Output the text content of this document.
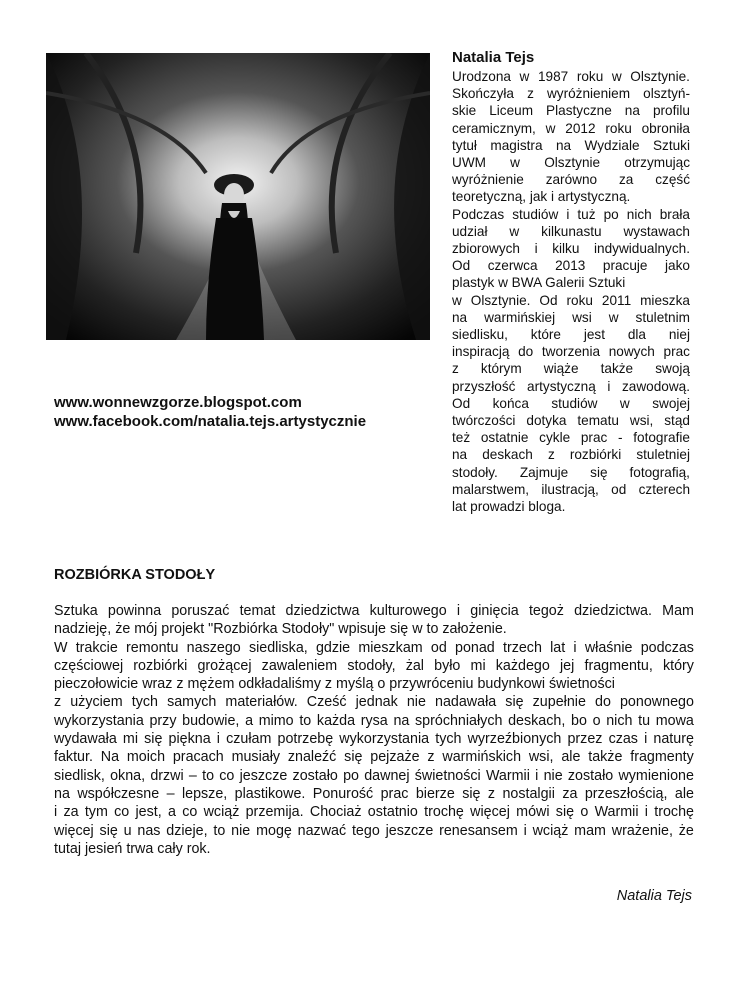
www.wonnewzgorze.blogspot.com
www.facebook.com/natalia.tejs.artystycznie
Natalia Tejs
Urodzona w 1987 roku w Olsztynie.
Skończyła z wyróżnieniem olsztyń-
skie Liceum Plastyczne na profilu
ceramicznym, w 2012 roku obroniła
tytuł magistra na Wydziale Sztuki
UWM w Olsztynie otrzymując
wyróżnienie zarówno za część
teoretyczną, jak i artystyczną.
Podczas studiów i tuż po nich brała
udział w kilkunastu wystawach
zbiorowych i kilku indywidualnych.
Od czerwca 2013 pracuje jako
plastyk w BWA Galerii Sztuki
w Olsztynie. Od roku 2011 mieszka
na warmińskiej wsi w stuletnim
siedlisku, które jest dla niej
inspiracją do tworzenia nowych prac
z którym wiąże także swoją
przyszłość artystyczną i zawodową.
Od końca studiów w swojej
twórczości dotyka tematu wsi, stąd
też ostatnie cykle prac - fotografie
na deskach z rozbiórki stuletniej
stodoły. Zajmuje się fotografią,
malarstwem, ilustracją, od czterech
lat prowadzi bloga.
ROZBIÓRKA STODOŁY
Sztuka powinna poruszać temat dziedzictwa kulturowego i ginięcia tegoż dziedzictwa. Mam
nadzieję, że mój projekt "Rozbiórka Stodoły" wpisuje się w to założenie.
W trakcie remontu naszego siedliska, gdzie mieszkam od ponad trzech lat i właśnie podczas
częściowej rozbiórki grożącej zawaleniem stodoły, żal było mi każdego jej fragmentu, który
pieczołowicie wraz z mężem odkładaliśmy z myślą o przywróceniu budynkowi świetności
z użyciem tych samych materiałów. Cześć jednak nie nadawała się zupełnie do ponownego
wykorzystania przy budowie, a mimo to każda rysa na spróchniałych deskach, bo o nich tu mowa
wydawała mi się piękna i czułam potrzebę wykorzystania tych wyrzeźbionych przez czas i naturę
faktur. Na moich pracach musiały znaleźć się pejzaże z warmińskich wsi, ale także fragmenty
siedlisk, okna, drzwi – to co jeszcze zostało po dawnej świetności Warmii i nie zostało wymienione
na współczesne – lepsze, plastikowe. Ponurość prac bierze się z nostalgii za przeszłością, ale
i za tym co jest, a co wciąż przemija. Chociaż ostatnio trochę więcej mówi się o Warmii i trochę
więcej się u nas dzieje, to nie mogę nazwać tego jeszcze renesansem i wciąż mam wrażenie, że
tutaj jesień trwa cały rok.
Natalia Tejs
